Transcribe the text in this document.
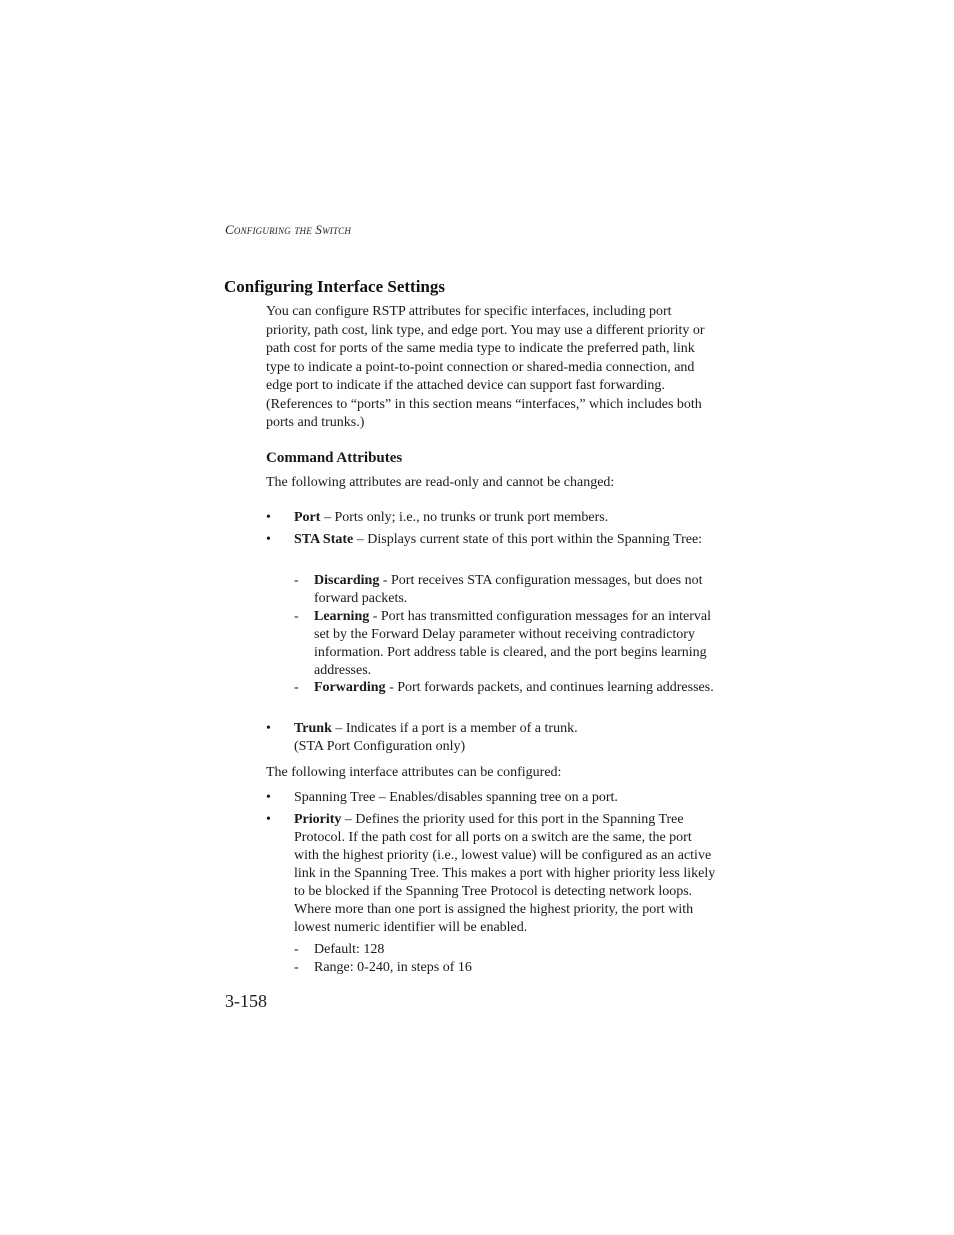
Configuring the Switch
Configuring Interface Settings
You can configure RSTP attributes for specific interfaces, including port priority, path cost, link type, and edge port. You may use a different priority or path cost for ports of the same media type to indicate the preferred path, link type to indicate a point-to-point connection or shared-media connection, and edge port to indicate if the attached device can support fast forwarding. (References to “ports” in this section means “interfaces,” which includes both ports and trunks.)
Command Attributes
The following attributes are read-only and cannot be changed:
• Port – Ports only; i.e., no trunks or trunk port members.
• STA State – Displays current state of this port within the Spanning Tree:
- Discarding - Port receives STA configuration messages, but does not forward packets.
- Learning - Port has transmitted configuration messages for an interval set by the Forward Delay parameter without receiving contradictory information. Port address table is cleared, and the port begins learning addresses.
- Forwarding - Port forwards packets, and continues learning addresses.
• Trunk – Indicates if a port is a member of a trunk.
(STA Port Configuration only)
The following interface attributes can be configured:
• Spanning Tree – Enables/disables spanning tree on a port.
• Priority – Defines the priority used for this port in the Spanning Tree Protocol. If the path cost for all ports on a switch are the same, the port with the highest priority (i.e., lowest value) will be configured as an active link in the Spanning Tree. This makes a port with higher priority less likely to be blocked if the Spanning Tree Protocol is detecting network loops. Where more than one port is assigned the highest priority, the port with lowest numeric identifier will be enabled.
- Default: 128
- Range: 0-240, in steps of 16
3-158
